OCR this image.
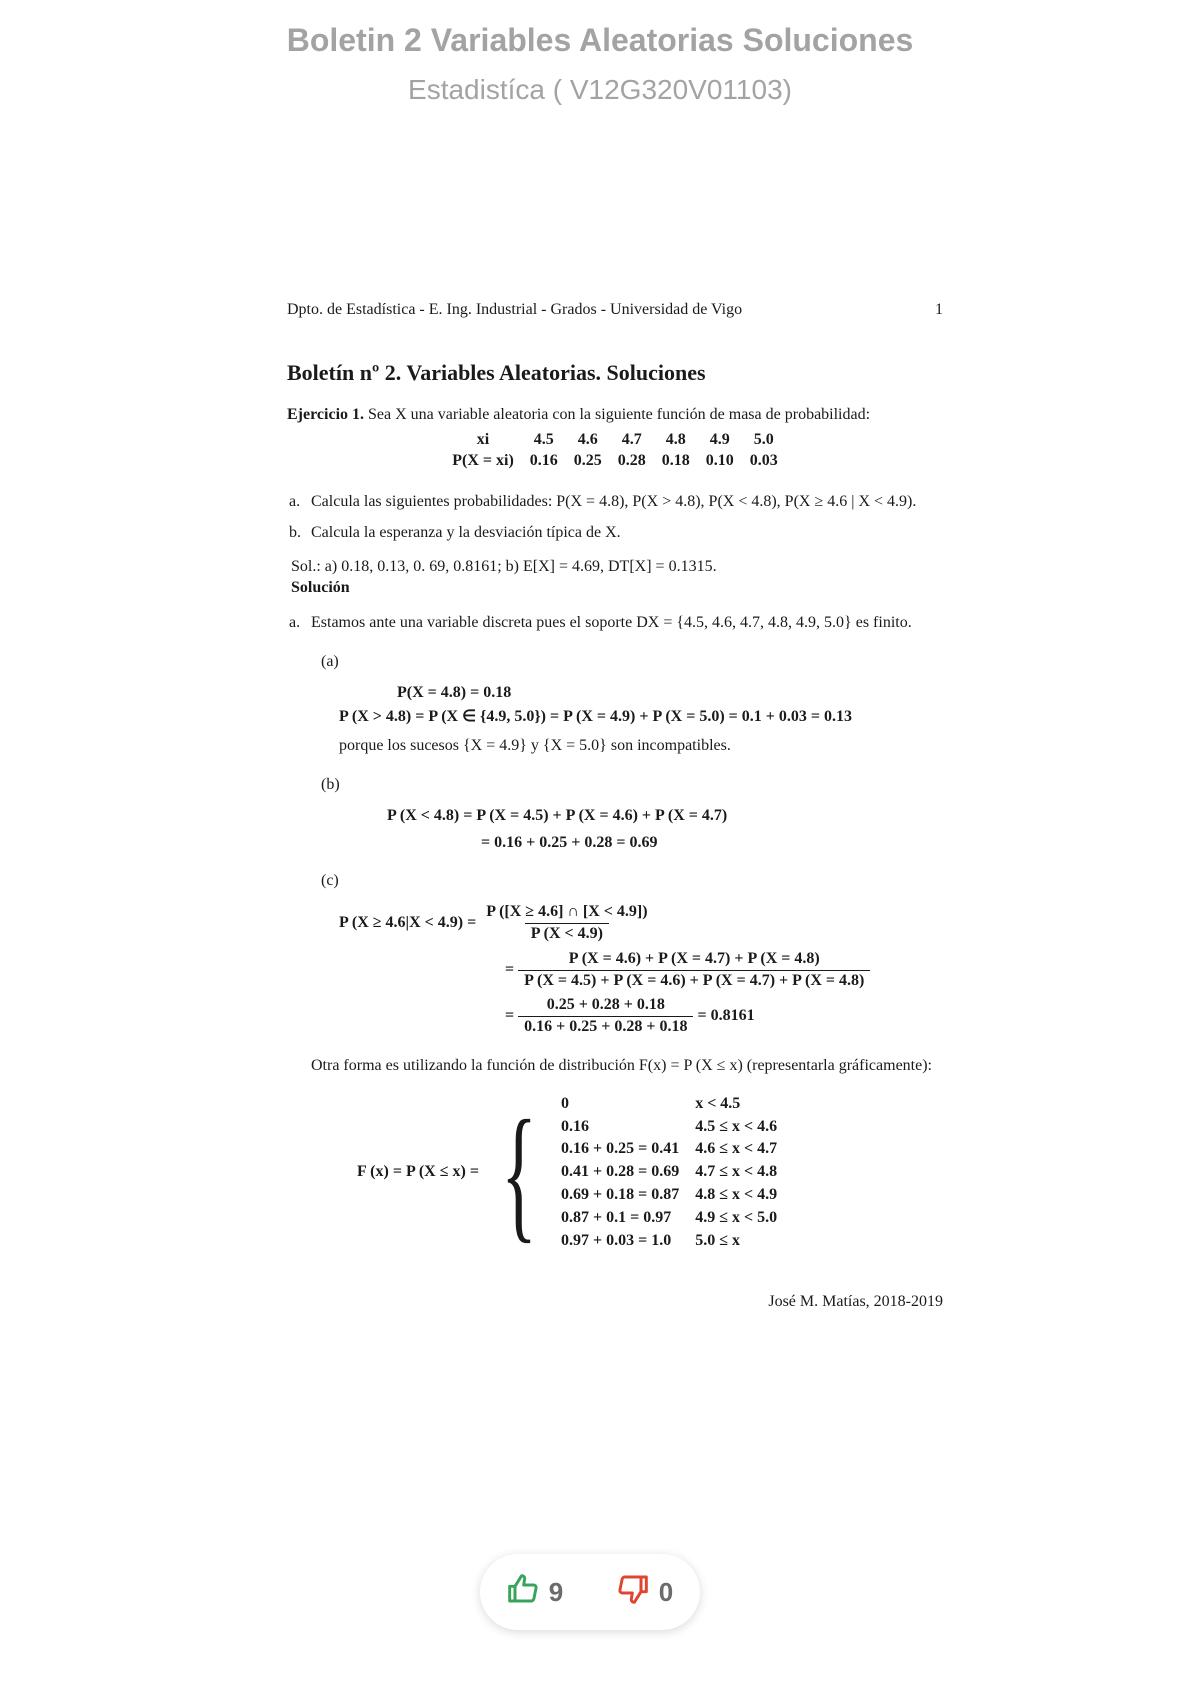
Boletin 2 Variables Aleatorias Soluciones
Estadistíca ( V12G320V01103)
Dpto. de Estadística - E. Ing. Industrial - Grados - Universidad de Vigo	1
Boletín nº 2. Variables Aleatorias. Soluciones
Ejercicio 1. Sea X una variable aleatoria con la siguiente función de masa de probabilidad:
xi	4.5	4.6	4.7	4.8	4.9	5.0
P(X = xi)	0.16	0.25	0.28	0.18	0.10	0.03
a. Calcula las siguientes probabilidades: P(X = 4.8), P(X > 4.8), P(X < 4.8), P(X ≥ 4.6 | X < 4.9).
b. Calcula la esperanza y la desviación típica de X.
Sol.: a) 0.18, 0.13, 0. 69, 0.8161; b) E[X] = 4.69, DT[X] = 0.1315.
Solución
a. Estamos ante una variable discreta pues el soporte DX = {4.5, 4.6, 4.7, 4.8, 4.9, 5.0} es finito.
(a)
P(X = 4.8) = 0.18
P (X > 4.8) = P (X ∈ {4.9, 5.0}) = P (X = 4.9) + P (X = 5.0) = 0.1 + 0.03 = 0.13
porque los sucesos {X = 4.9} y {X = 5.0} son incompatibles.
(b)
P (X < 4.8) = P (X = 4.5) + P (X = 4.6) + P (X = 4.7)
= 0.16 + 0.25 + 0.28 = 0.69
(c)
P $(X \ge 4.6|X < 4.9) = \frac{P ([X \ge 4.6] \cap [X < 4.9])}{P (X < 4.9)}$
= $\frac{P (X = 4.6) + P (X = 4.7) + P (X = 4.8)}{P (X = 4.5) + P (X = 4.6) + P (X = 4.7) + P (X = 4.8)}$
= $\frac{0.25 + 0.28 + 0.18}{0.16 + 0.25 + 0.28 + 0.18} = 0.8161$
Otra forma es utilizando la función de distribución F(x) = P (X ≤ x) (representarla gráficamente):
F (x) = P (X ≤ x) = { 0	x < 4.5
0.16	4.5 ≤ x < 4.6
0.16 + 0.25 = 0.41	4.6 ≤ x < 4.7
0.41 + 0.28 = 0.69	4.7 ≤ x < 4.8
0.69 + 0.18 = 0.87	4.8 ≤ x < 4.9
0.87 + 0.1 = 0.97	4.9 ≤ x < 5.0
0.97 + 0.03 = 1.0	5.0 ≤ x
José M. Matías, 2018-2019
9	0
